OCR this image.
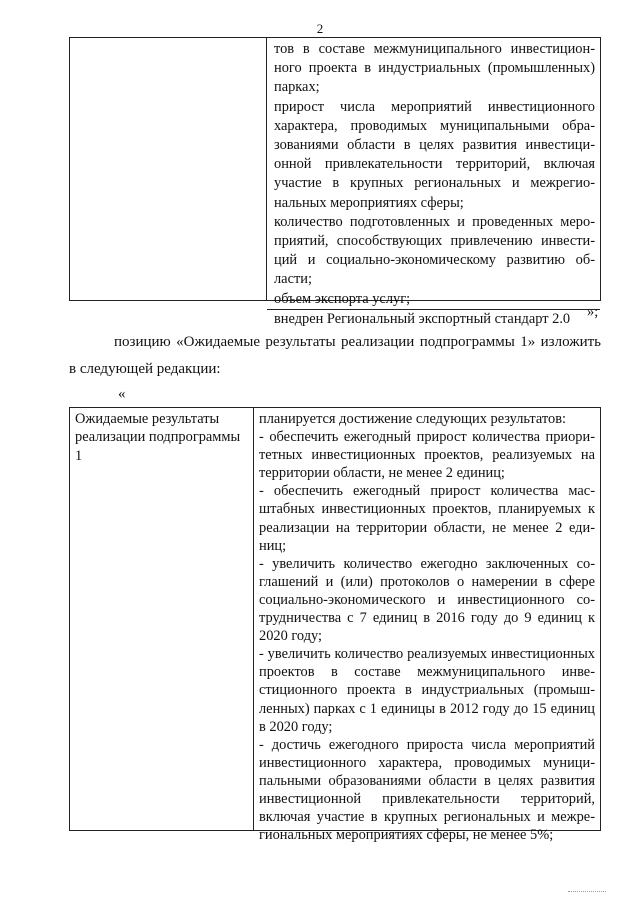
2

тов в составе межмуниципального инвестиционного проекта в индустриальных (промышленных) парках;

прирост числа мероприятий инвестиционного характера, проводимых муниципальными образованиями области в целях развития инвестиционной привлекательности территорий, включая участие в крупных региональных и межрегиональных мероприятиях сферы;

количество подготовленных и проведенных мероприятий, способствующих привлечению инвестиций и социально-экономическому развитию области;

объем экспорта услуг;

внедрен Региональный экспортный стандарт 2.0	»;
позицию «Ожидаемые результаты реализации подпрограммы 1» изложить
в следующей редакции:
«
Ожидаемые результаты реализации подпрограммы 1

планируется достижение следующих результатов:

- обеспечить ежегодный прирост количества приоритетных инвестиционных проектов, реализуемых на территории области, не менее 2 единиц;

- обеспечить ежегодный прирост количества масштабных инвестиционных проектов, планируемых к реализации на территории области, не менее 2 единиц;

- увеличить количество ежегодно заключенных соглашений и (или) протоколов о намерении в сфере социально-экономического и инвестиционного сотрудничества с 7 единиц в 2016 году до 9 единиц к 2020 году;

- увеличить количество реализуемых инвестиционных проектов в составе межмуниципального инвестиционного проекта в индустриальных (промышленных) парках с 1 единицы в 2012 году до 15 единиц в 2020 году;

- достичь ежегодного прироста числа мероприятий инвестиционного характера, проводимых муниципальными образованиями области в целях развития инвестиционной привлекательности территорий, включая участие в крупных региональных и межрегиональных мероприятиях сферы, не менее 5%;
